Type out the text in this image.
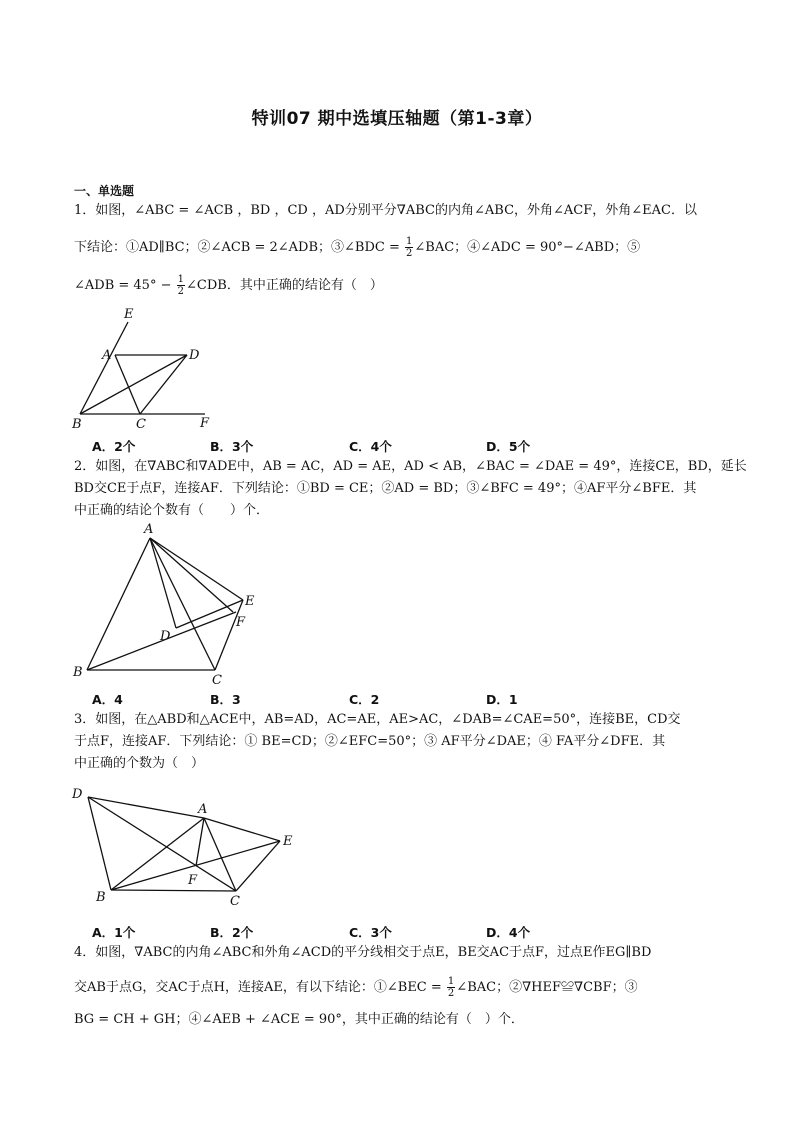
特训07 期中选填压轴题（第1-3章）
一、单选题
1．如图，∠ABC = ∠ACB ，BD ，CD ，AD分别平分∇ABC的内角∠ABC，外角∠ACF，外角∠EAC．以
下结论：①AD∥BC；②∠ACB = 2∠ADB；③∠BDC = $\frac{1}{2}$ ∠BAC；④∠ADC = 90°−∠ABD；⑤
∠ADB = $45^\circ - \frac{1}{2}$ ∠CDB．其中正确的结论有（　）
E
A	D
B	C	F
A．2个	B．3个	C．4个	D．5个
2．如图，在∇ABC和∇ADE中，AB = AC，AD = AE，AD < AB，∠BAC = ∠DAE = 49°，连接CE，BD，延长
BD交CE于点F，连接AF．下列结论：①BD = CE；②AD = BD；③∠BFC = 49°；④AF平分∠BFE．其
中正确的结论个数有（　　）个．
A
E
F
D
B
C
A．4	B．3	C．2	D．1
3．如图，在△ABD和△ACE中，AB=AD，AC=AE，AE>AC，∠DAB=∠CAE=50°，连接BE，CD交
于点F，连接AF．下列结论：① BE=CD；②∠EFC=50°；③ AF平分∠DAE；④ FA平分∠DFE．其
中正确的个数为（　）
D
A
E
F
B	C
A．1个	B．2个	C．3个	D．4个
4．如图，∇ABC的内角∠ABC和外角∠ACD的平分线相交于点E，BE交AC于点F，过点E作EG∥BD
交AB于点G，交AC于点H，连接AE，有以下结论：①∠BEC = $\frac{1}{2}$ ∠BAC；②∇HEF≌∇CBF；③
BG = CH + GH；④∠AEB + ∠ACE = 90°，其中正确的结论有（　）个．
